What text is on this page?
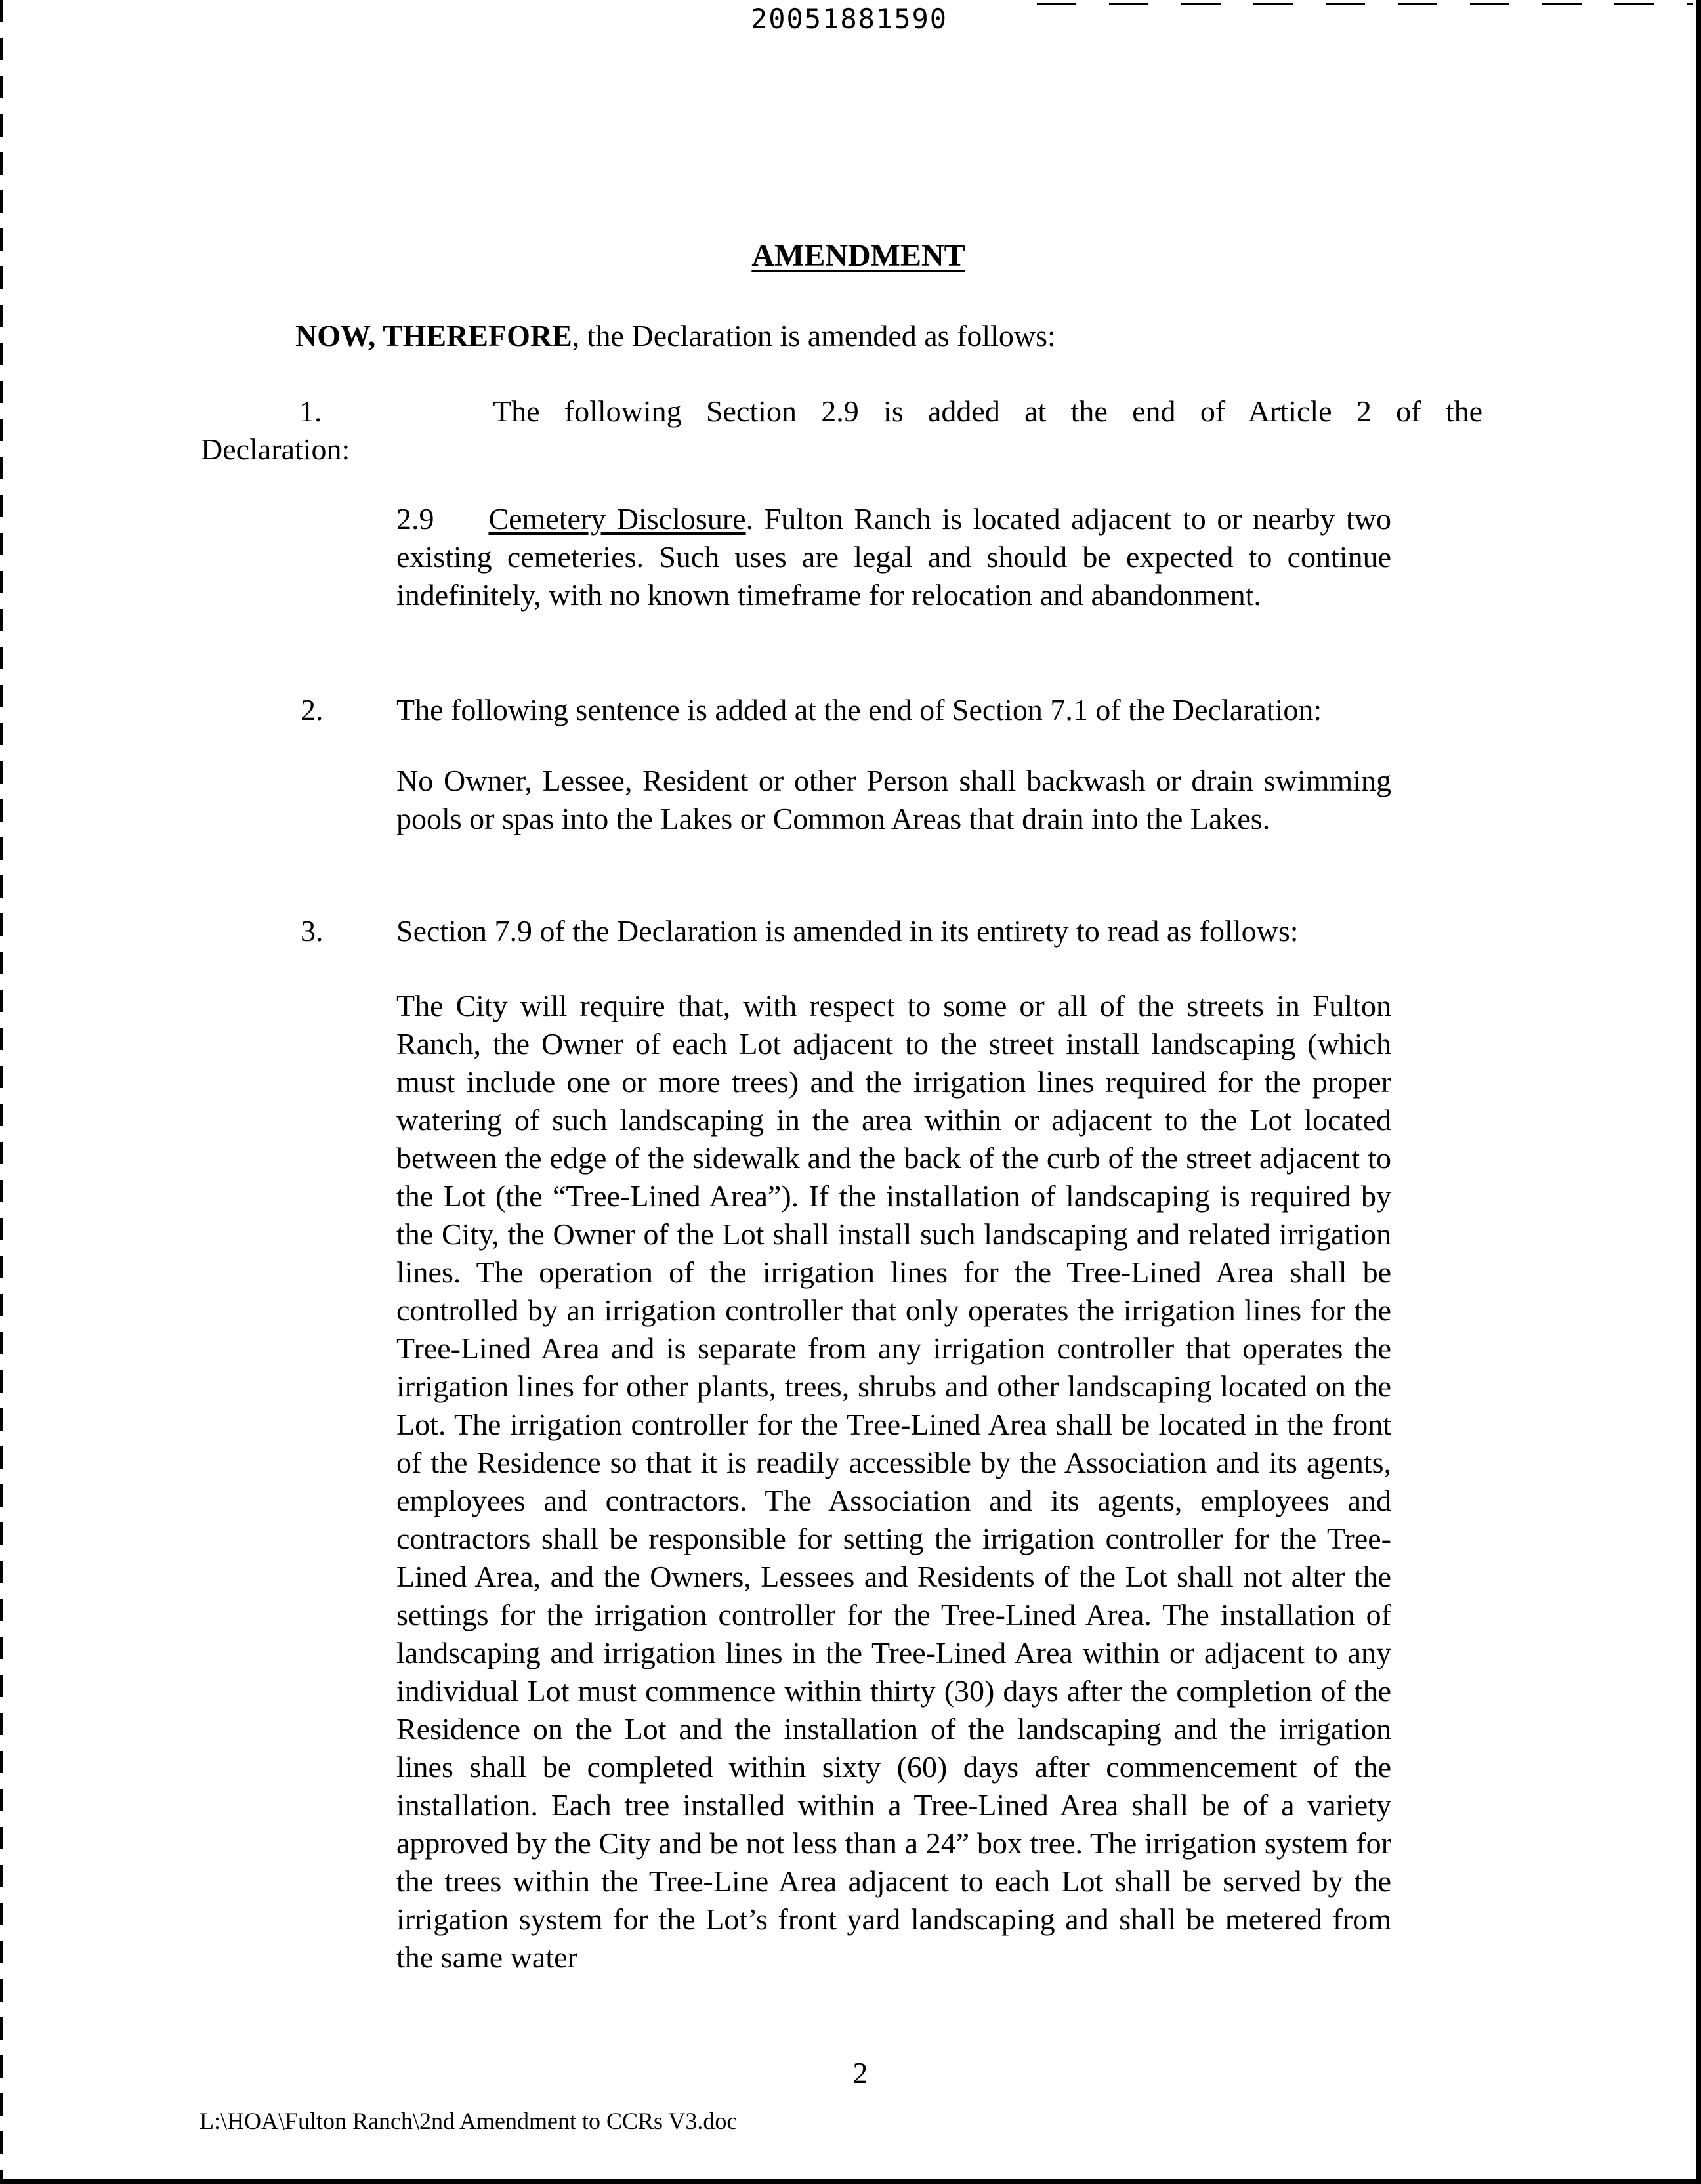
20051881590
AMENDMENT

NOW, THEREFORE, the Declaration is amended as follows:

1.	The following Section 2.9 is added at the end of Article 2 of the

Declaration:

2.9 Cemetery Disclosure. Fulton Ranch is located adjacent to or nearby two existing cemeteries. Such uses are legal and should be expected to continue indefinitely, with no known timeframe for relocation and abandonment.

2. The following sentence is added at the end of Section 7.1 of the Declaration:

No Owner, Lessee, Resident or other Person shall backwash or drain swimming pools or spas into the Lakes or Common Areas that drain into the Lakes.

3. Section 7.9 of the Declaration is amended in its entirety to read as follows:

The City will require that, with respect to some or all of the streets in Fulton Ranch, the Owner of each Lot adjacent to the street install landscaping (which must include one or more trees) and the irrigation lines required for the proper watering of such landscaping in the area within or adjacent to the Lot located between the edge of the sidewalk and the back of the curb of the street adjacent to the Lot (the “Tree-Lined Area”). If the installation of landscaping is required by the City, the Owner of the Lot shall install such landscaping and related irrigation lines. The operation of the irrigation lines for the Tree-Lined Area shall be controlled by an irrigation controller that only operates the irrigation lines for the Tree-Lined Area and is separate from any irrigation controller that operates the irrigation lines for other plants, trees, shrubs and other landscaping located on the Lot. The irrigation controller for the Tree-Lined Area shall be located in the front of the Residence so that it is readily accessible by the Association and its agents, employees and contractors. The Association and its agents, employees and contractors shall be responsible for setting the irrigation controller for the Tree-Lined Area, and the Owners, Lessees and Residents of the Lot shall not alter the settings for the irrigation controller for the Tree-Lined Area. The installation of landscaping and irrigation lines in the Tree-Lined Area within or adjacent to any individual Lot must commence within thirty (30) days after the completion of the Residence on the Lot and the installation of the landscaping and the irrigation lines shall be completed within sixty (60) days after commencement of the installation. Each tree installed within a Tree-Lined Area shall be of a variety approved by the City and be not less than a 24” box tree. The irrigation system for the trees within the Tree-Line Area adjacent to each Lot shall be served by the irrigation system for the Lot’s front yard landscaping and shall be metered from the same water

2

L:\HOA\Fulton Ranch\2nd Amendment to CCRs V3.doc
